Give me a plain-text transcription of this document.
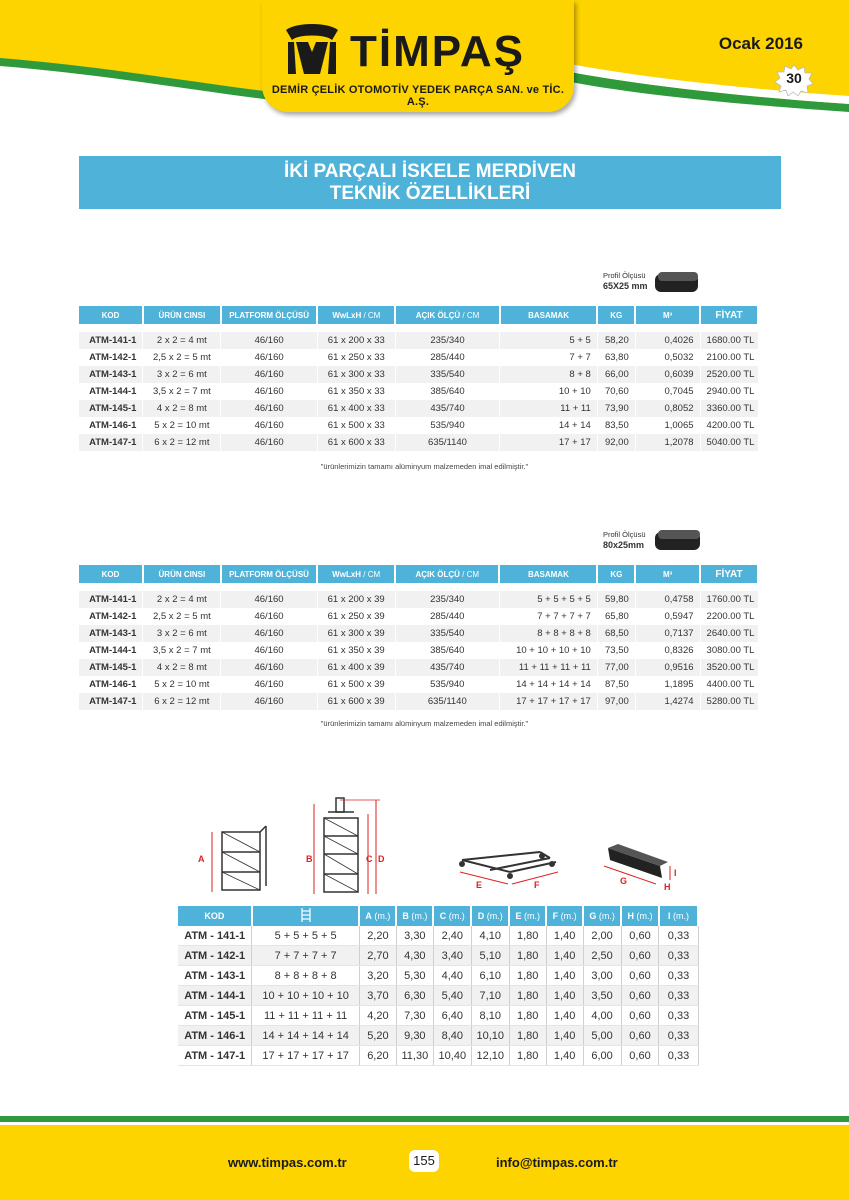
TİMPAŞ
DEMİR ÇELİK OTOMOTİV YEDEK PARÇA SAN. ve TİC. A.Ş.
Ocak 2016
30
İKİ PARÇALI İSKELE MERDİVEN
TEKNİK ÖZELLİKLERİ
Profil Ölçüsü
65X25 mm
KOD	ÜRÜN CINSI	PLATFORM ÖLÇÜSÜ	WwLxH / CM	AÇIK ÖLÇÜ / CM	BASAMAK	KG	M³	FİYAT

ATM-141-1	2 x 2 = 4 mt	46/160	61 x 200 x 33	235/340	5 + 5	58,20	0,4026	1680.00 TL
ATM-142-1	2,5 x 2 = 5 mt	46/160	61 x 250 x 33	285/440	7 + 7	63,80	0,5032	2100.00 TL
ATM-143-1	3 x 2 = 6 mt	46/160	61 x 300 x 33	335/540	8 + 8	66,00	0,6039	2520.00 TL
ATM-144-1	3,5 x 2 = 7 mt	46/160	61 x 350 x 33	385/640	10 + 10	70,60	0,7045	2940.00 TL
ATM-145-1	4 x 2 = 8 mt	46/160	61 x 400 x 33	435/740	11 + 11	73,90	0,8052	3360.00 TL
ATM-146-1	5 x 2 = 10 mt	46/160	61 x 500 x 33	535/940	14 + 14	83,50	1,0065	4200.00 TL
ATM-147-1	6 x 2 = 12 mt	46/160	61 x 600 x 33	635/1140	17 + 17	92,00	1,2078	5040.00 TL
"ürünlerimizin tamamı alüminyum malzemeden imal edilmiştir."
Profil Ölçüsü
80x25mm
KOD	ÜRÜN CINSI	PLATFORM ÖLÇÜSÜ	WwLxH / CM	AÇIK ÖLÇÜ / CM	BASAMAK	KG	M³	FİYAT

ATM-141-1	2 x 2 = 4 mt	46/160	61 x 200 x 39	235/340	5 + 5 + 5 + 5	59,80	0,4758	1760.00 TL
ATM-142-1	2,5 x 2 = 5 mt	46/160	61 x 250 x 39	285/440	7 + 7 + 7 + 7	65,80	0,5947	2200.00 TL
ATM-143-1	3 x 2 = 6 mt	46/160	61 x 300 x 39	335/540	8 + 8 + 8 + 8	68,50	0,7137	2640.00 TL
ATM-144-1	3,5 x 2 = 7 mt	46/160	61 x 350 x 39	385/640	10 + 10 + 10 + 10	73,50	0,8326	3080.00 TL
ATM-145-1	4 x 2 = 8 mt	46/160	61 x 400 x 39	435/740	11 + 11 + 11 + 11	77,00	0,9516	3520.00 TL
ATM-146-1	5 x 2 = 10 mt	46/160	61 x 500 x 39	535/940	14 + 14 + 14 + 14	87,50	1,1895	4400.00 TL
ATM-147-1	6 x 2 = 12 mt	46/160	61 x 600 x 39	635/1140	17 + 17 + 17 + 17	97,00	1,4274	5280.00 TL
"ürünlerimizin tamamı alüminyum malzemeden imal edilmiştir."
A	B	C D
E	F	G
H
I
KOD		A (m.)	B (m.)	C (m.)	D (m.)	E (m.)	F (m.)	G (m.)	H (m.)	I (m.)
ATM - 141-1	5 + 5 + 5 + 5	2,20	3,30	2,40	4,10	1,80	1,40	2,00	0,60	0,33
ATM - 142-1	7 + 7 + 7 + 7	2,70	4,30	3,40	5,10	1,80	1,40	2,50	0,60	0,33
ATM - 143-1	8 + 8 + 8 + 8	3,20	5,30	4,40	6,10	1,80	1,40	3,00	0,60	0,33
ATM - 144-1	10 + 10 + 10 + 10	3,70	6,30	5,40	7,10	1,80	1,40	3,50	0,60	0,33
ATM - 145-1	11 + 11 + 11 + 11	4,20	7,30	6,40	8,10	1,80	1,40	4,00	0,60	0,33
ATM - 146-1	14 + 14 + 14 + 14	5,20	9,30	8,40	10,10	1,80	1,40	5,00	0,60	0,33
ATM - 147-1	17 + 17 + 17 + 17	6,20	11,30	10,40	12,10	1,80	1,40	6,00	0,60	0,33
www.timpas.com.tr	155	info@timpas.com.tr
